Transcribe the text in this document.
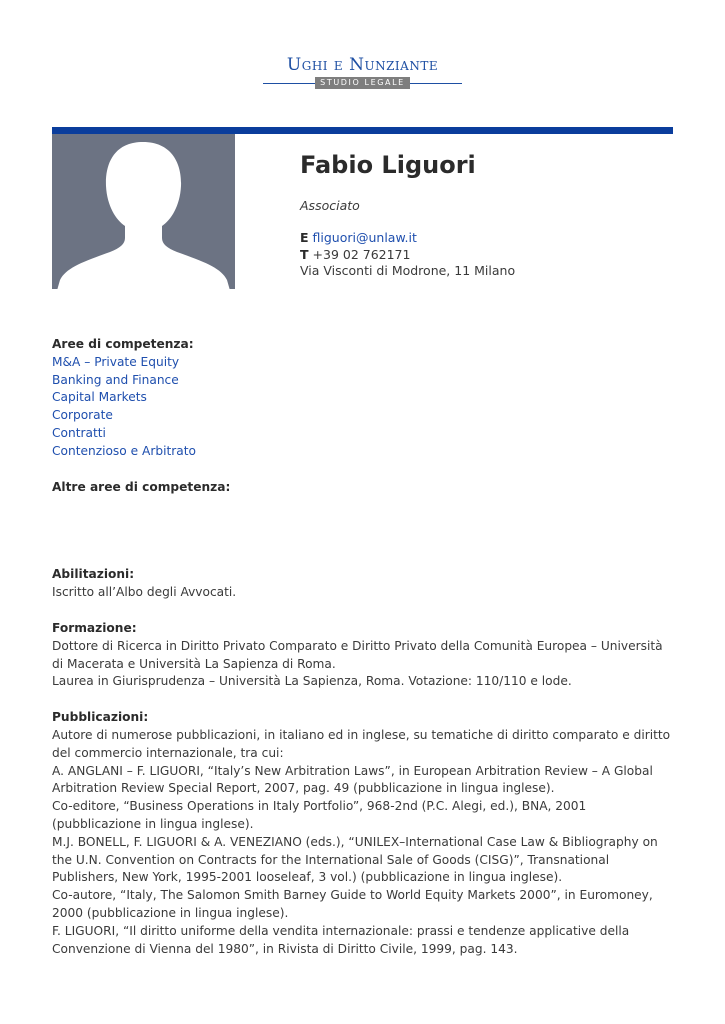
Ughi e Nunziante
STUDIO LEGALE
Fabio Liguori
Associato
E fliguori@unlaw.it
T +39 02 762171
Via Visconti di Modrone, 11 Milano
Aree di competenza:
M&A – Private Equity
Banking and Finance
Capital Markets
Corporate
Contratti
Contenzioso e Arbitrato
Altre aree di competenza:
Abilitazioni:
Iscritto all’Albo degli Avvocati.
Formazione:
Dottore di Ricerca in Diritto Privato Comparato e Diritto Privato della Comunità Europea – Università di Macerata e Università La Sapienza di Roma.
Laurea in Giurisprudenza – Università La Sapienza, Roma. Votazione: 110/110 e lode.
Pubblicazioni:
Autore di numerose pubblicazioni, in italiano ed in inglese, su tematiche di diritto comparato e diritto del commercio internazionale, tra cui:
A. ANGLANI – F. LIGUORI, “Italy’s New Arbitration Laws”, in European Arbitration Review – A Global Arbitration Review Special Report, 2007, pag. 49 (pubblicazione in lingua inglese).
Co-editore, “Business Operations in Italy Portfolio”, 968-2nd (P.C. Alegi, ed.), BNA, 2001 (pubblicazione in lingua inglese).
M.J. BONELL, F. LIGUORI & A. VENEZIANO (eds.), “UNILEX–International Case Law & Bibliography on the U.N. Convention on Contracts for the International Sale of Goods (CISG)”, Transnational Publishers, New York, 1995-2001 looseleaf, 3 vol.) (pubblicazione in lingua inglese).
Co-autore, “Italy, The Salomon Smith Barney Guide to World Equity Markets 2000”, in Euromoney, 2000 (pubblicazione in lingua inglese).
F. LIGUORI, “Il diritto uniforme della vendita internazionale: prassi e tendenze applicative della Convenzione di Vienna del 1980”, in Rivista di Diritto Civile, 1999, pag. 143.
